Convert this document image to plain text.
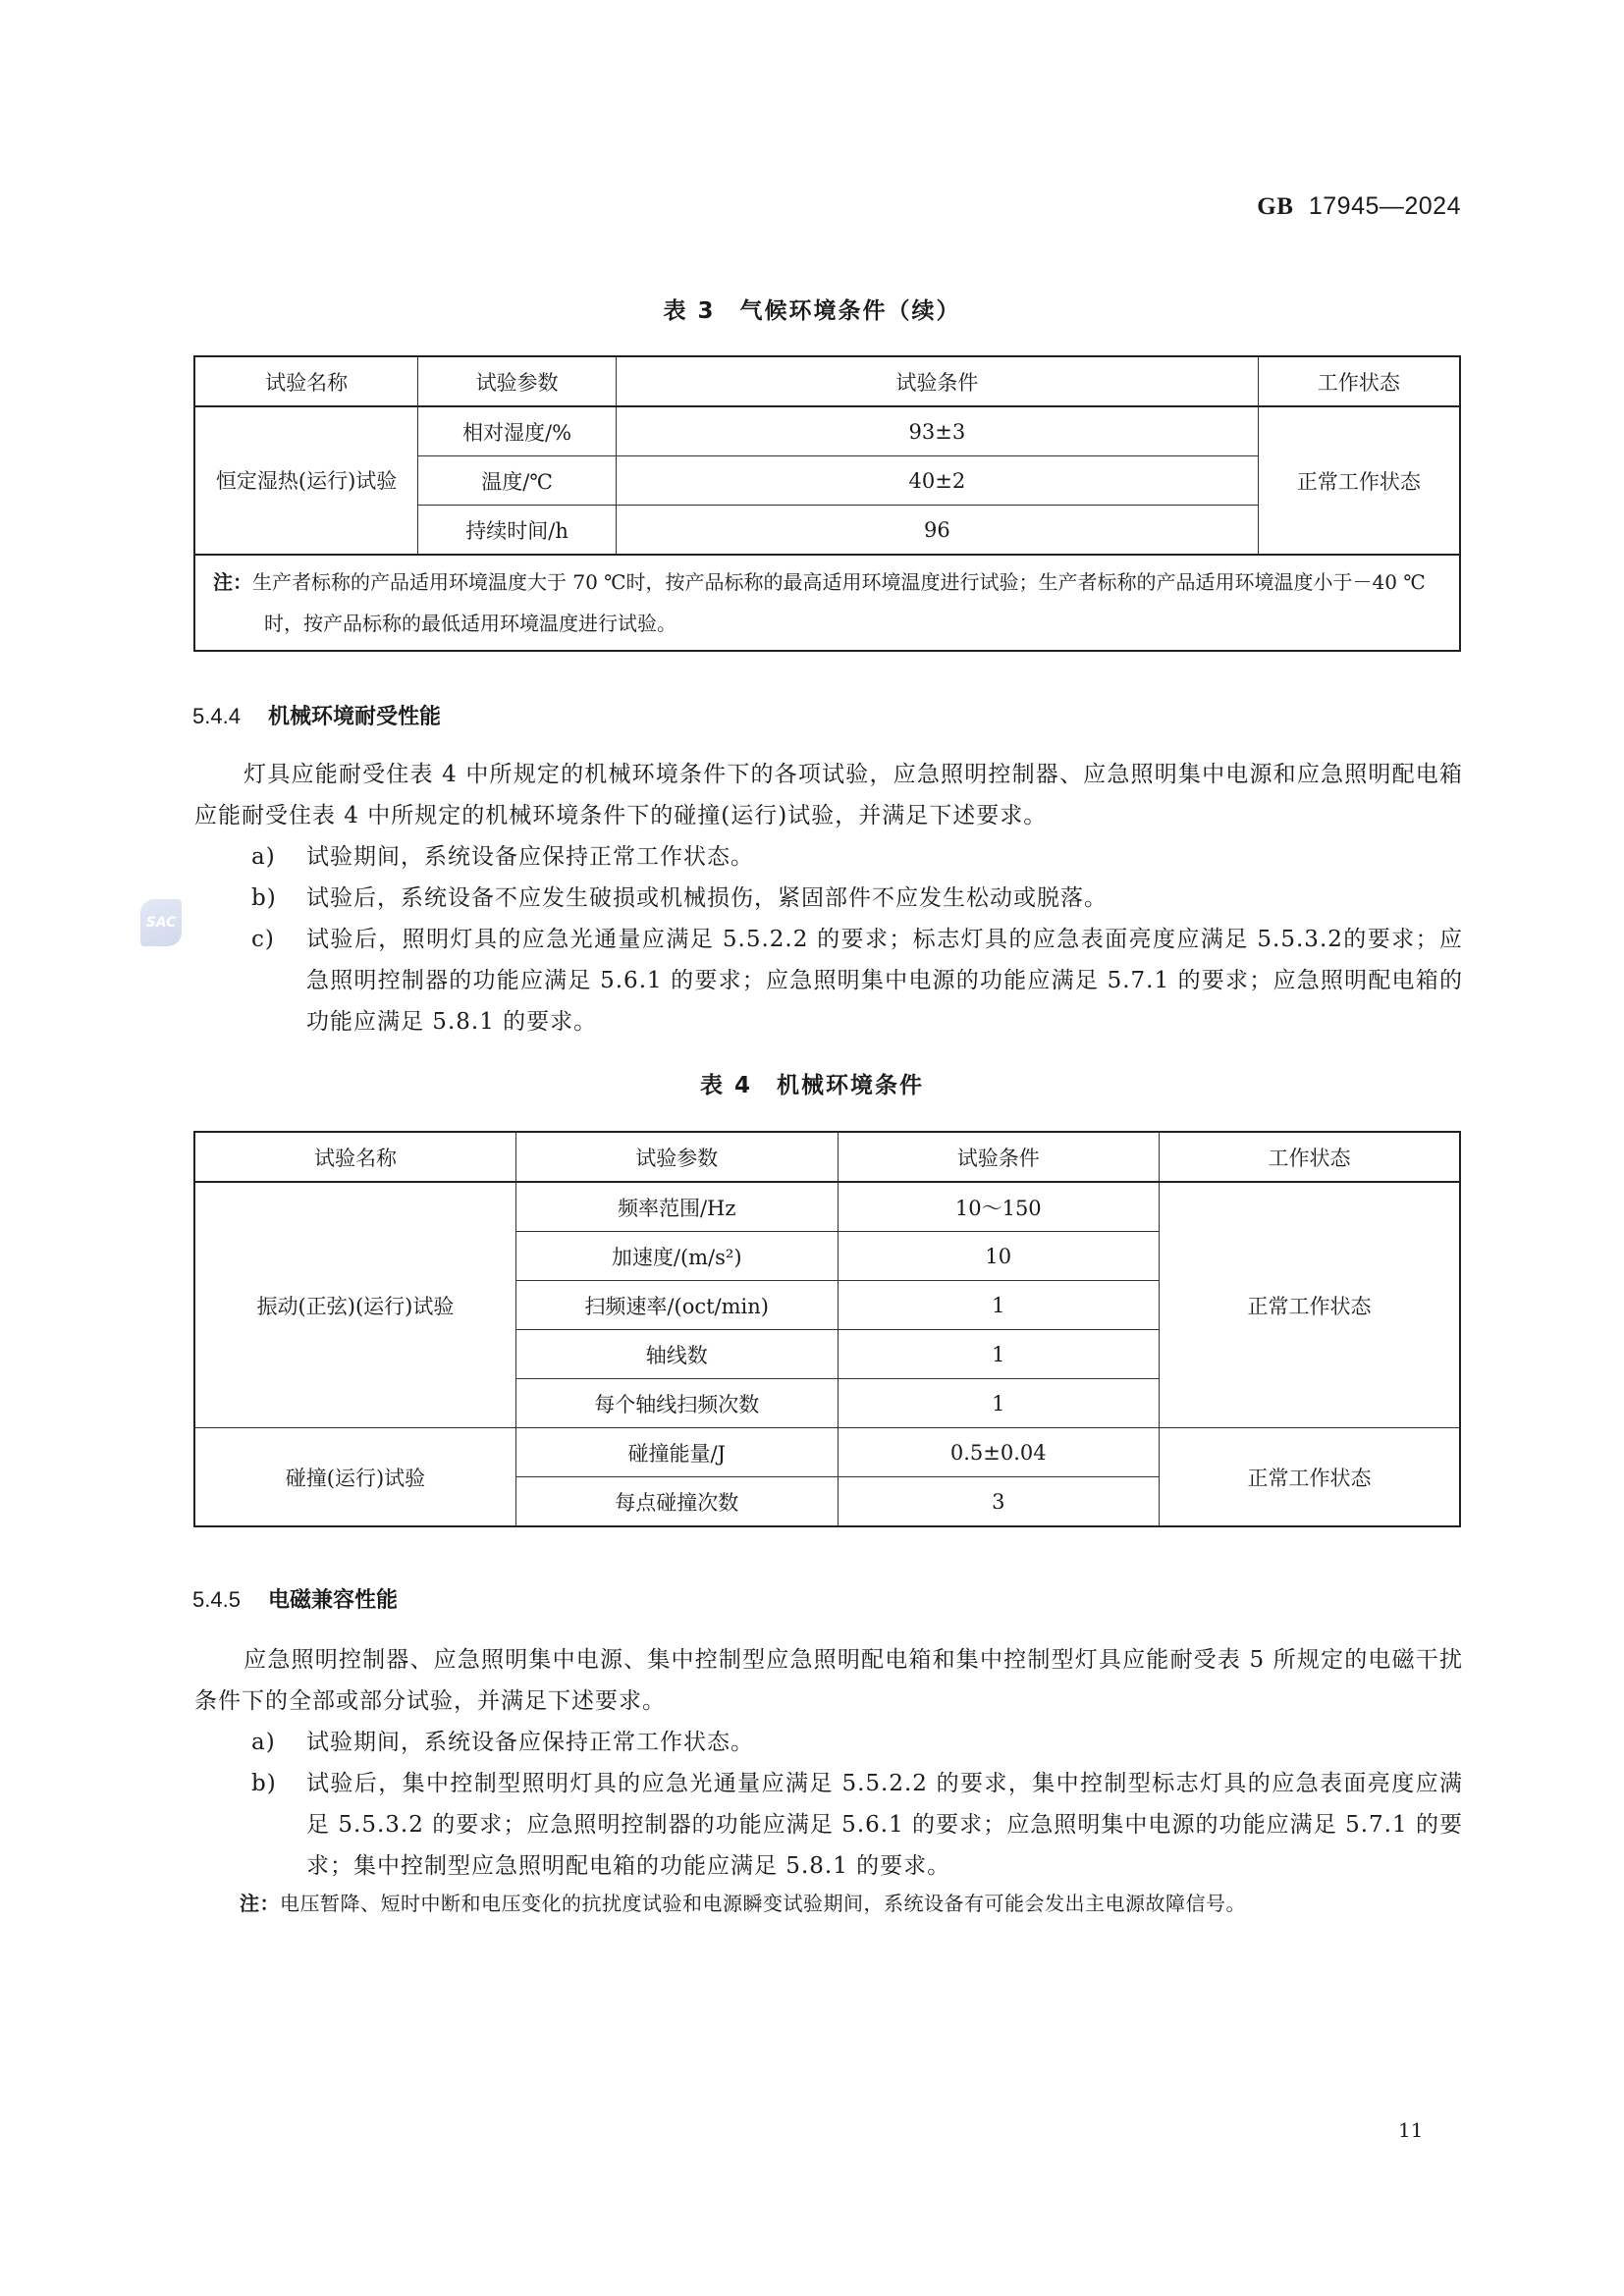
GB 17945—2024
SAC
表 3　气候环境条件（续）
试验名称	试验参数	试验条件	工作状态
恒定湿热(运行)试验	相对湿度/%	93±3	正常工作状态
	温度/℃	40±2	
	持续时间/h	96	
注：生产者标称的产品适用环境温度大于 70 ℃时，按产品标称的最高适用环境温度进行试验；生产者标称的产品适用环境温度小于－40 ℃时，按产品标称的最低适用环境温度进行试验。			
5.4.4 机械环境耐受性能
灯具应能耐受住表 4 中所规定的机械环境条件下的各项试验，应急照明控制器、应急照明集中电源和应急照明配电箱应能耐受住表 4 中所规定的机械环境条件下的碰撞(运行)试验，并满足下述要求。
a) 试验期间，系统设备应保持正常工作状态。
b) 试验后，系统设备不应发生破损或机械损伤，紧固部件不应发生松动或脱落。
c) 试验后，照明灯具的应急光通量应满足 5.5.2.2 的要求；标志灯具的应急表面亮度应满足 5.5.3.2的要求；应急照明控制器的功能应满足 5.6.1 的要求；应急照明集中电源的功能应满足 5.7.1 的要求；应急照明配电箱的功能应满足 5.8.1 的要求。
表 4　机械环境条件
试验名称	试验参数	试验条件	工作状态
振动(正弦)(运行)试验	频率范围/Hz	10～150	正常工作状态
	加速度/(m/s²)	10	
	扫频速率/(oct/min)	1	
	轴线数	1	
	每个轴线扫频次数	1	
碰撞(运行)试验	碰撞能量/J	0.5±0.04	正常工作状态
	每点碰撞次数	3	
5.4.5 电磁兼容性能
应急照明控制器、应急照明集中电源、集中控制型应急照明配电箱和集中控制型灯具应能耐受表 5 所规定的电磁干扰条件下的全部或部分试验，并满足下述要求。
a) 试验期间，系统设备应保持正常工作状态。
b) 试验后，集中控制型照明灯具的应急光通量应满足 5.5.2.2 的要求，集中控制型标志灯具的应急表面亮度应满足 5.5.3.2 的要求；应急照明控制器的功能应满足 5.6.1 的要求；应急照明集中电源的功能应满足 5.7.1 的要求；集中控制型应急照明配电箱的功能应满足 5.8.1 的要求。
注：电压暂降、短时中断和电压变化的抗扰度试验和电源瞬变试验期间，系统设备有可能会发出主电源故障信号。
11
